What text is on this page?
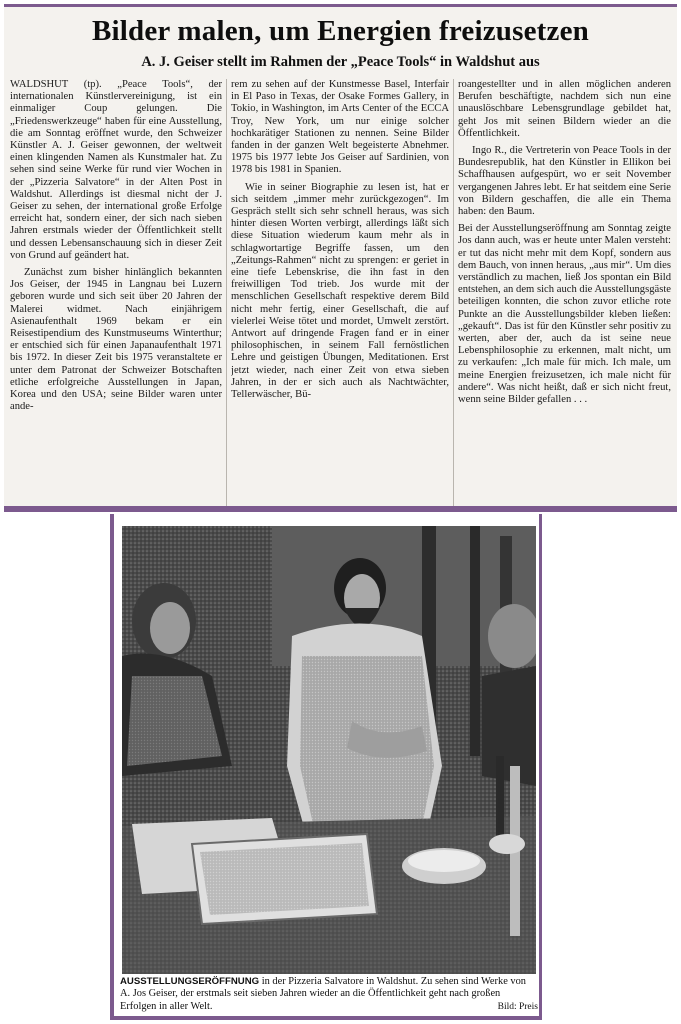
Bilder malen, um Energien freizusetzen
A. J. Geiser stellt im Rahmen der „Peace Tools“ in Waldshut aus

WALDSHUT (tp). „Peace Tools“, der internationalen Künstlervereinigung, ist ein einmaliger Coup gelungen. Die „Friedenswerkzeuge“ haben für eine Ausstellung, die am Sonntag eröffnet wurde, den Schweizer Künstler A. J. Geiser gewonnen, der weltweit einen klingenden Namen als Kunstmaler hat. Zu sehen sind seine Werke für rund vier Wochen in der „Pizzeria Salvatore“ in der Alten Post in Waldshut. Allerdings ist diesmal nicht der J. Geiser zu sehen, der international große Erfolge erreicht hat, sondern einer, der sich nach sieben Jahren erstmals wieder der Öffentlichkeit stellt und dessen Lebensanschauung sich in dieser Zeit von Grund auf geändert hat.

Zunächst zum bisher hinlänglich bekannten Jos Geiser, der 1945 in Langnau bei Luzern geboren wurde und sich seit über 20 Jahren der Malerei widmet. Nach einjährigem Asienaufenthalt 1969 bekam er ein Reisestipendium des Kunstmuseums Winterthur; er entschied sich für einen Japanaufenthalt 1971 bis 1972. In dieser Zeit bis 1975 veranstaltete er unter dem Patronat der Schweizer Botschaften etliche erfolgreiche Ausstellungen in Japan, Korea und den USA; seine Bilder waren unter ande-

rem zu sehen auf der Kunstmesse Basel, Interfair in El Paso in Texas, der Osake Formes Gallery, in Tokio, in Washington, im Arts Center of the ECCA Troy, New York, um nur einige solcher hochkarätiger Stationen zu nennen. Seine Bilder fanden in der ganzen Welt begeisterte Abnehmer. 1975 bis 1977 lebte Jos Geiser auf Sardinien, von 1978 bis 1981 in Spanien.

Wie in seiner Biographie zu lesen ist, hat er sich seitdem „immer mehr zurückgezogen“. Im Gespräch stellt sich sehr schnell heraus, was sich hinter diesen Worten verbirgt, allerdings läßt sich diese Situation wiederum kaum mehr als in schlagwortartige Begriffe fassen, um den „Zeitungs-Rahmen“ nicht zu sprengen: er geriet in eine tiefe Lebenskrise, die ihn fast in den freiwilligen Tod trieb. Jos wurde mit der menschlichen Gesellschaft respektive derem Bild nicht mehr fertig, einer Gesellschaft, die auf vielerlei Weise tötet und mordet, Umwelt zerstört. Antwort auf dringende Fragen fand er in einer philosophischen, in seinem Fall fernöstlichen Lehre und geistigen Übungen, Meditationen. Erst jetzt wieder, nach einer Zeit von etwa sieben Jahren, in der er sich auch als Nachtwächter, Tellerwäscher, Bü-

roangestellter und in allen möglichen anderen Berufen beschäftigte, nachdem sich nun eine unauslöschbare Lebensgrundlage gebildet hat, geht Jos mit seinen Bildern wieder an die Öffentlichkeit.

Ingo R., die Vertreterin von Peace Tools in der Bundesrepublik, hat den Künstler in Ellikon bei Schaffhausen aufgespürt, wo er seit November vergangenen Jahres lebt. Er hat seitdem eine Serie von Bildern geschaffen, die alle ein Thema haben: den Baum.

Bei der Ausstellungseröffnung am Sonntag zeigte Jos dann auch, was er heute unter Malen versteht: er tut das nicht mehr mit dem Kopf, sondern aus dem Bauch, von innen heraus, „aus mir“. Um dies verständlich zu machen, ließ Jos spontan ein Bild entstehen, an dem sich auch die Ausstellungsgäste beteiligen konnten, die schon zuvor etliche rote Punkte an die Ausstellungsbilder kleben ließen: „gekauft“. Das ist für den Künstler sehr positiv zu werten, aber der, auch da ist seine neue Lebensphilosophie zu erkennen, malt nicht, um zu verkaufen: „Ich male für mich. Ich male, um meine Energien freizusetzen, ich male nicht für andere“. Was nicht heißt, daß er sich nicht freut, wenn seine Bilder gefallen . . .

AUSSTELLUNGSERÖFFNUNG in der Pizzeria Salvatore in Waldshut. Zu sehen sind Werke von A. Jos Geiser, der erstmals seit sieben Jahren wieder an die Öffentlichkeit geht nach großen Erfolgen in aller Welt.	Bild: Preis
